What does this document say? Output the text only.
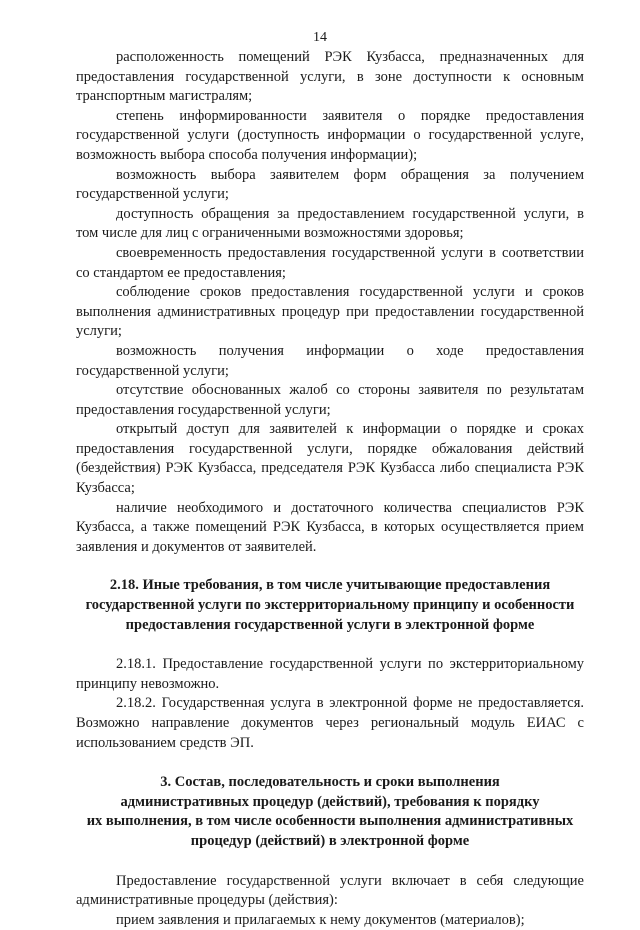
14

расположенность помещений РЭК Кузбасса, предназначенных для предоставления государственной услуги, в зоне доступности к основным транспортным магистралям;

степень информированности заявителя о порядке предоставления государственной услуги (доступность информации о государственной услуге, возможность выбора способа получения информации);

возможность выбора заявителем форм обращения за получением государственной услуги;

доступность обращения за предоставлением государственной услуги, в том числе для лиц с ограниченными возможностями здоровья;

своевременность предоставления государственной услуги в соответствии со стандартом ее предоставления;

соблюдение сроков предоставления государственной услуги и сроков выполнения административных процедур при предоставлении государственной услуги;

возможность получения информации о ходе предоставления государственной услуги;

отсутствие обоснованных жалоб со стороны заявителя по результатам предоставления государственной услуги;

открытый доступ для заявителей к информации о порядке и сроках предоставления государственной услуги, порядке обжалования действий (бездействия) РЭК Кузбасса, председателя РЭК Кузбасса либо специалиста РЭК Кузбасса;

наличие необходимого и достаточного количества специалистов РЭК Кузбасса, а также помещений РЭК Кузбасса, в которых осуществляется прием заявления и документов от заявителей.

2.18. Иные требования, в том числе учитывающие предоставления
государственной услуги по экстерриториальному принципу и особенности
предоставления государственной услуги в электронной форме

2.18.1. Предоставление государственной услуги по экстерриториальному принципу невозможно.

2.18.2. Государственная услуга в электронной форме не предоставляется. Возможно направление документов через региональный модуль ЕИАС с использованием средств ЭП.

3. Состав, последовательность и сроки выполнения
административных процедур (действий), требования к порядку
их выполнения, в том числе особенности выполнения административных
процедур (действий) в электронной форме

Предоставление государственной услуги включает в себя следующие административные процедуры (действия):

прием заявления и прилагаемых к нему документов (материалов);
